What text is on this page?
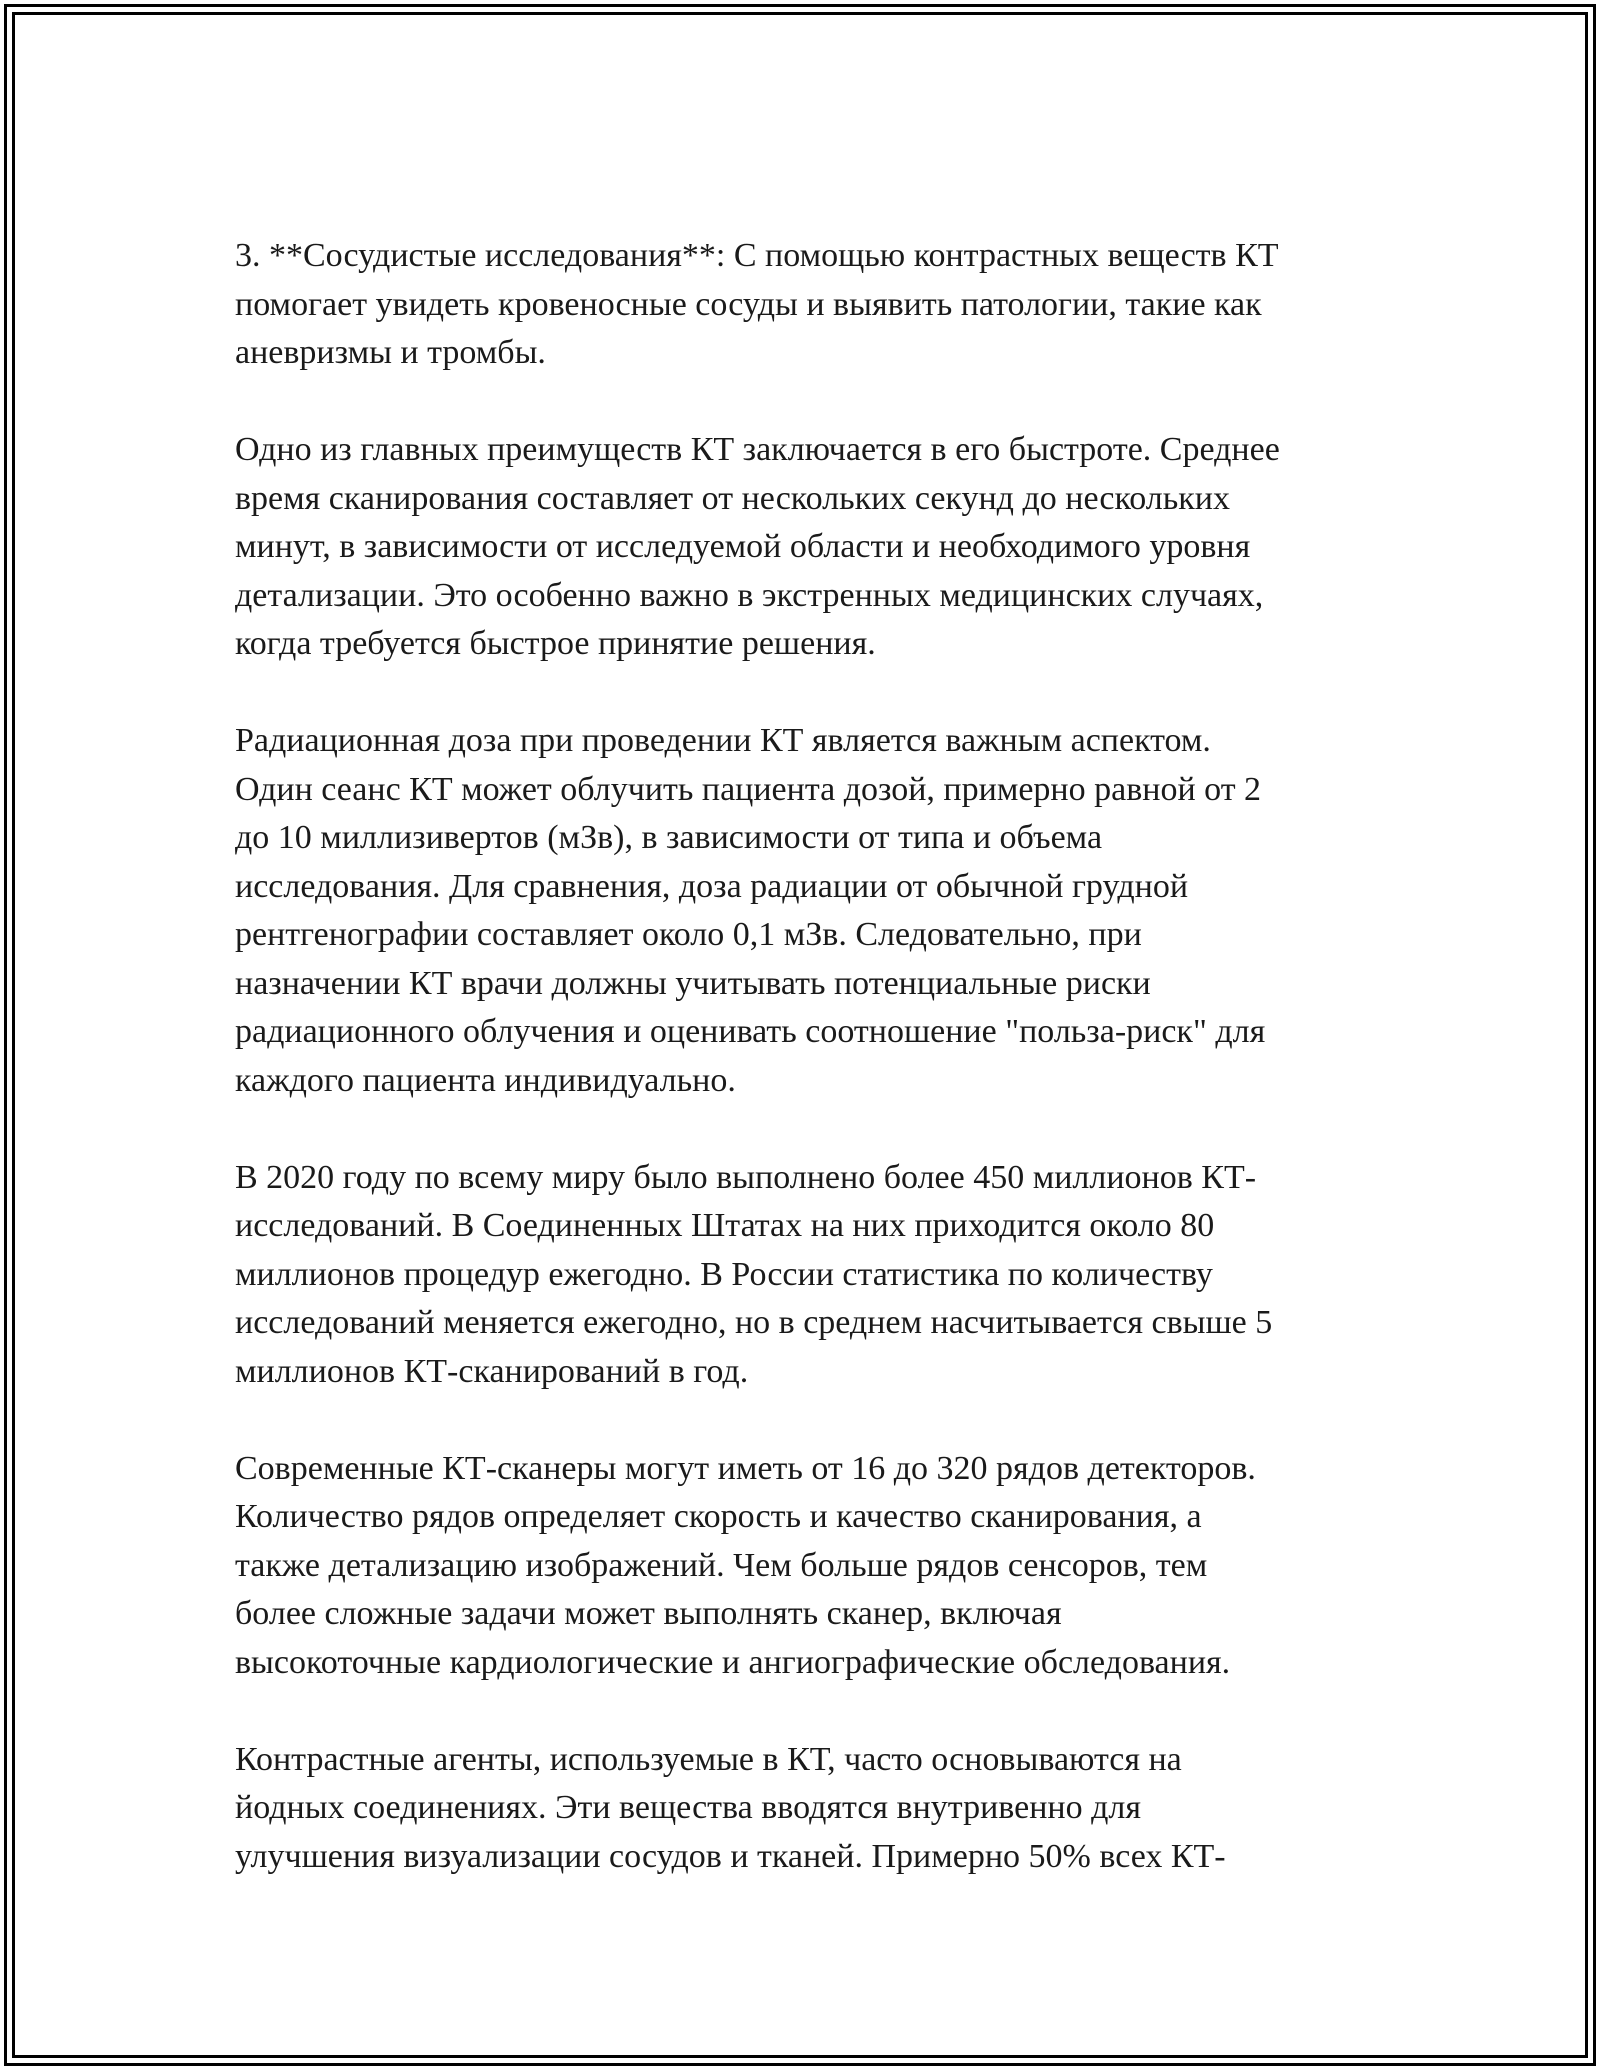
3. **Сосудистые исследования**: С помощью контрастных веществ КТ
помогает увидеть кровеносные сосуды и выявить патологии, такие как
аневризмы и тромбы.

Одно из главных преимуществ КТ заключается в его быстроте. Среднее
время сканирования составляет от нескольких секунд до нескольких
минут, в зависимости от исследуемой области и необходимого уровня
детализации. Это особенно важно в экстренных медицинских случаях,
когда требуется быстрое принятие решения.

Радиационная доза при проведении КТ является важным аспектом.
Один сеанс КТ может облучить пациента дозой, примерно равной от 2
до 10 миллизивертов (мЗв), в зависимости от типа и объема
исследования. Для сравнения, доза радиации от обычной грудной
рентгенографии составляет около 0,1 мЗв. Следовательно, при
назначении КТ врачи должны учитывать потенциальные риски
радиационного облучения и оценивать соотношение "польза-риск" для
каждого пациента индивидуально.

В 2020 году по всему миру было выполнено более 450 миллионов КТ-
исследований. В Соединенных Штатах на них приходится около 80
миллионов процедур ежегодно. В России статистика по количеству
исследований меняется ежегодно, но в среднем насчитывается свыше 5
миллионов КТ-сканирований в год.

Современные КТ-сканеры могут иметь от 16 до 320 рядов детекторов.
Количество рядов определяет скорость и качество сканирования, а
также детализацию изображений. Чем больше рядов сенсоров, тем
более сложные задачи может выполнять сканер, включая
высокоточные кардиологические и ангиографические обследования.

Контрастные агенты, используемые в КТ, часто основываются на
йодных соединениях. Эти вещества вводятся внутривенно для
улучшения визуализации сосудов и тканей. Примерно 50% всех КТ-
